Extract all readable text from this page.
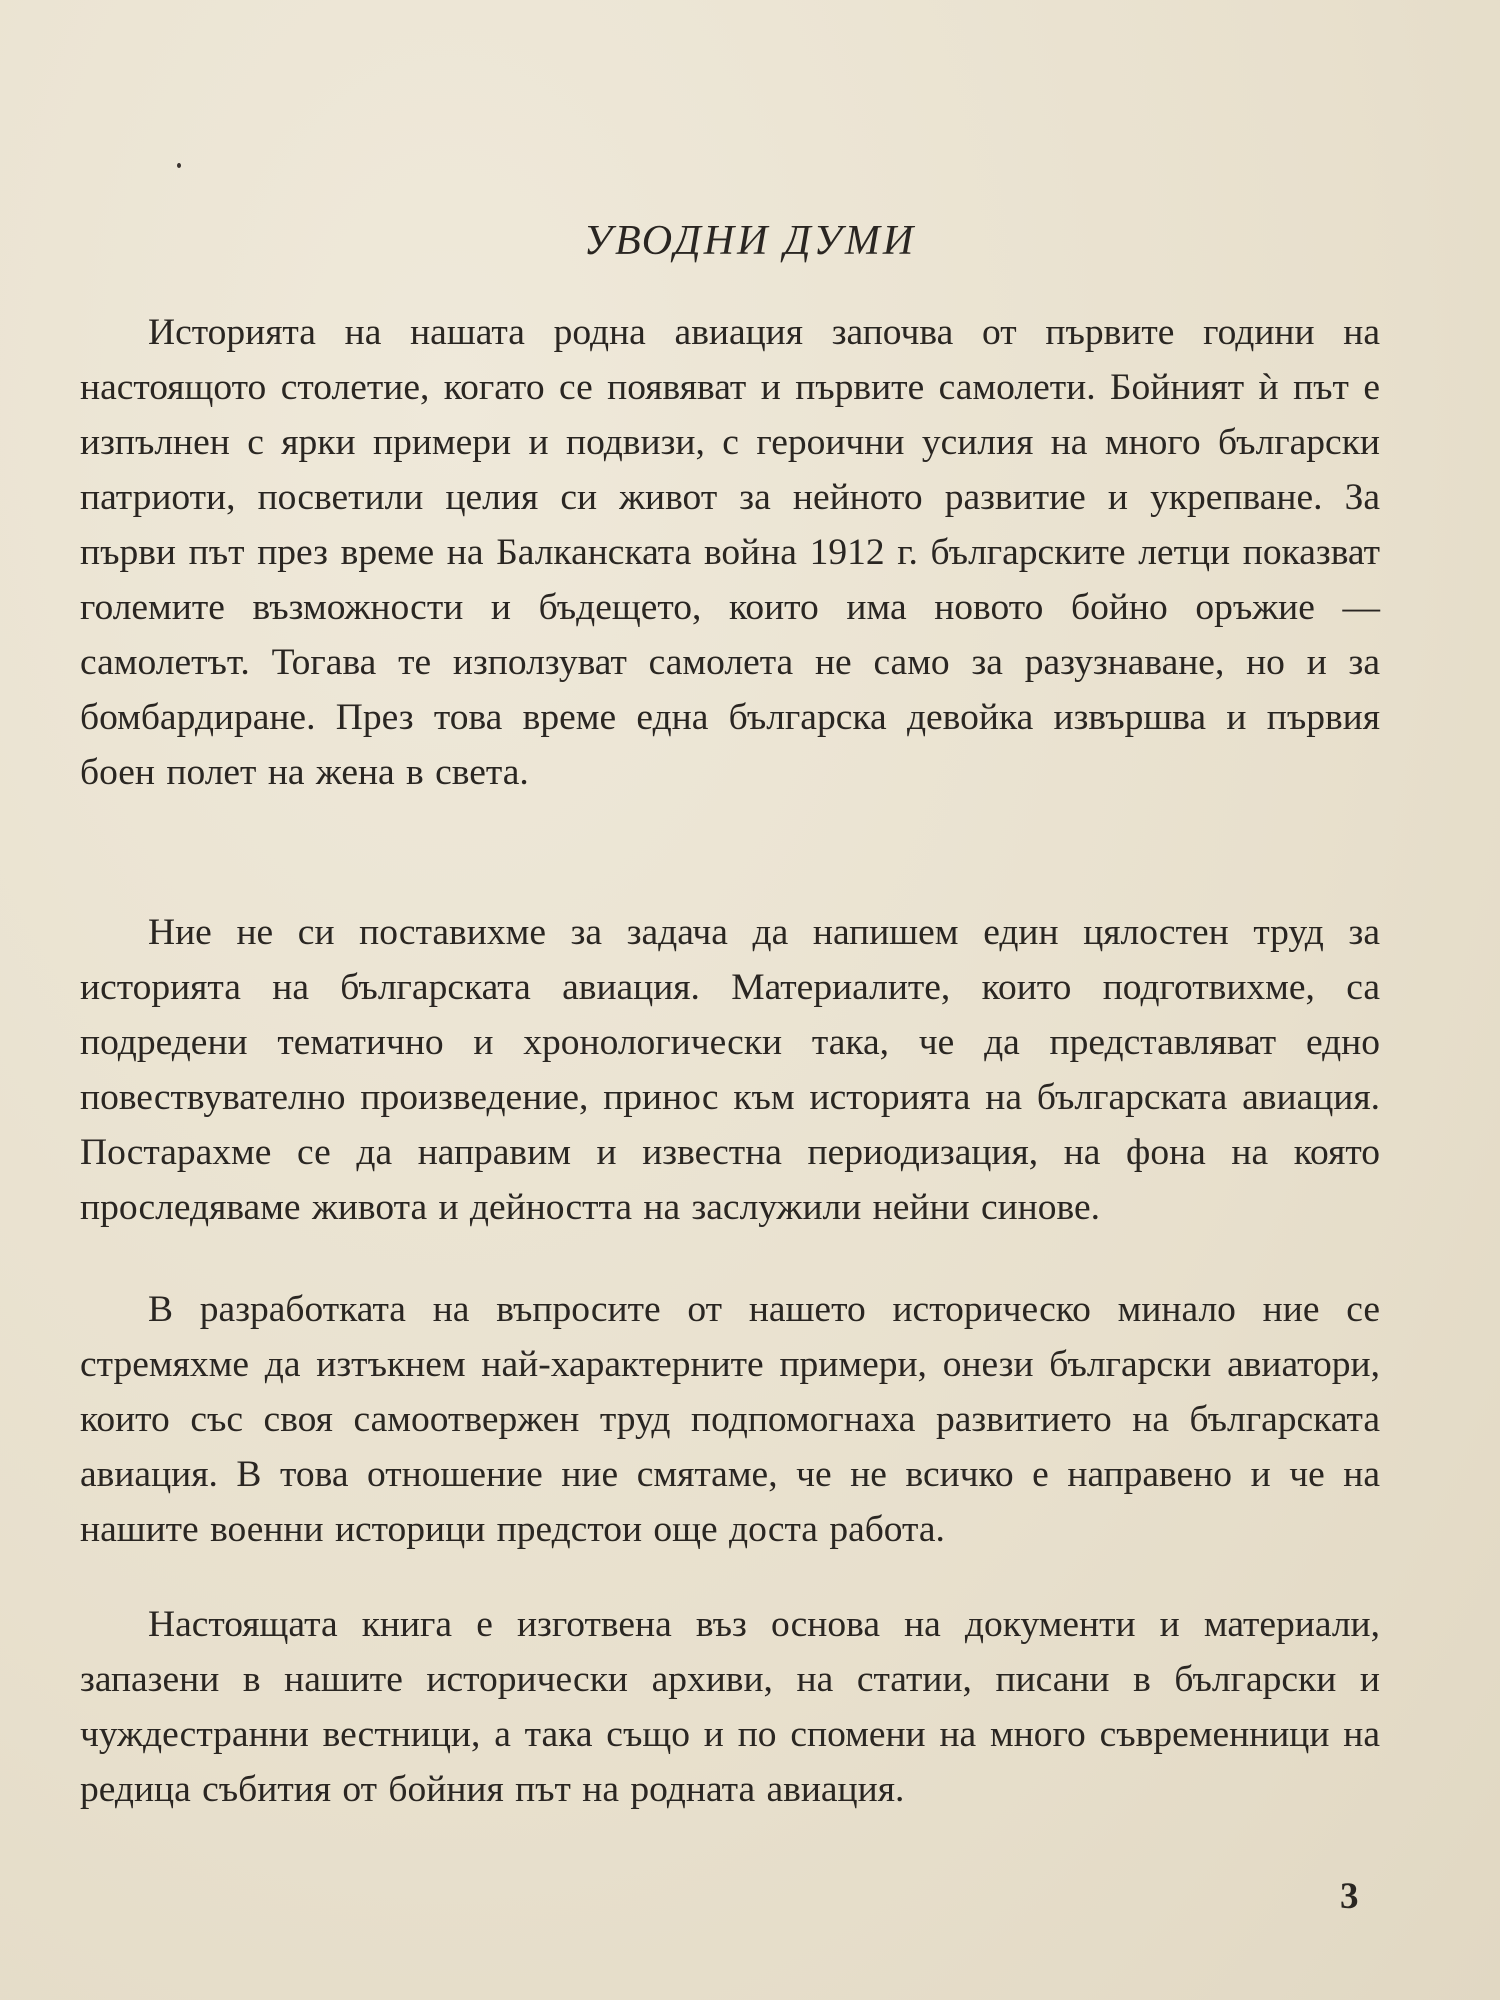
УВОДНИ ДУМИ

Историята на нашата родна авиация започва от първите години на настоящото столетие, когато се появяват и първите самолети. Бойният ѝ път е изпълнен с ярки примери и подвизи, с героични усилия на много български патриоти, посветили целия си живот за нейното развитие и укрепване. За първи път през време на Балканската война 1912 г. българските летци показват големите възможности и бъдещето, които има новото бойно оръжие — самолетът. Тогава те използуват самолета не само за разузнаване, но и за бомбардиране. През това време една българска девойка извършва и първия боен полет на жена в света.

Ние не си поставихме за задача да напишем един цялостен труд за историята на българската авиация. Материалите, които подготвихме, са подредени тематично и хронологически така, че да представляват едно повествувателно произведение, принос към историята на българската авиация. Постарахме се да направим и известна периодизация, на фона на която проследяваме живота и дейността на заслужили нейни синове.

В разработката на въпросите от нашето историческо минало ние се стремяхме да изтъкнем най-характерните примери, онези български авиатори, които със своя самоотвержен труд подпомогнаха развитието на българската авиация. В това отношение ние смятаме, че не всичко е направено и че на нашите военни историци предстои още доста работа.

Настоящата книга е изготвена въз основа на документи и материали, запазени в нашите исторически архиви, на статии, писани в български и чуждестранни вестници, а така също и по спомени на много съвременници на редица събития от бойния път на родната авиация.

3
